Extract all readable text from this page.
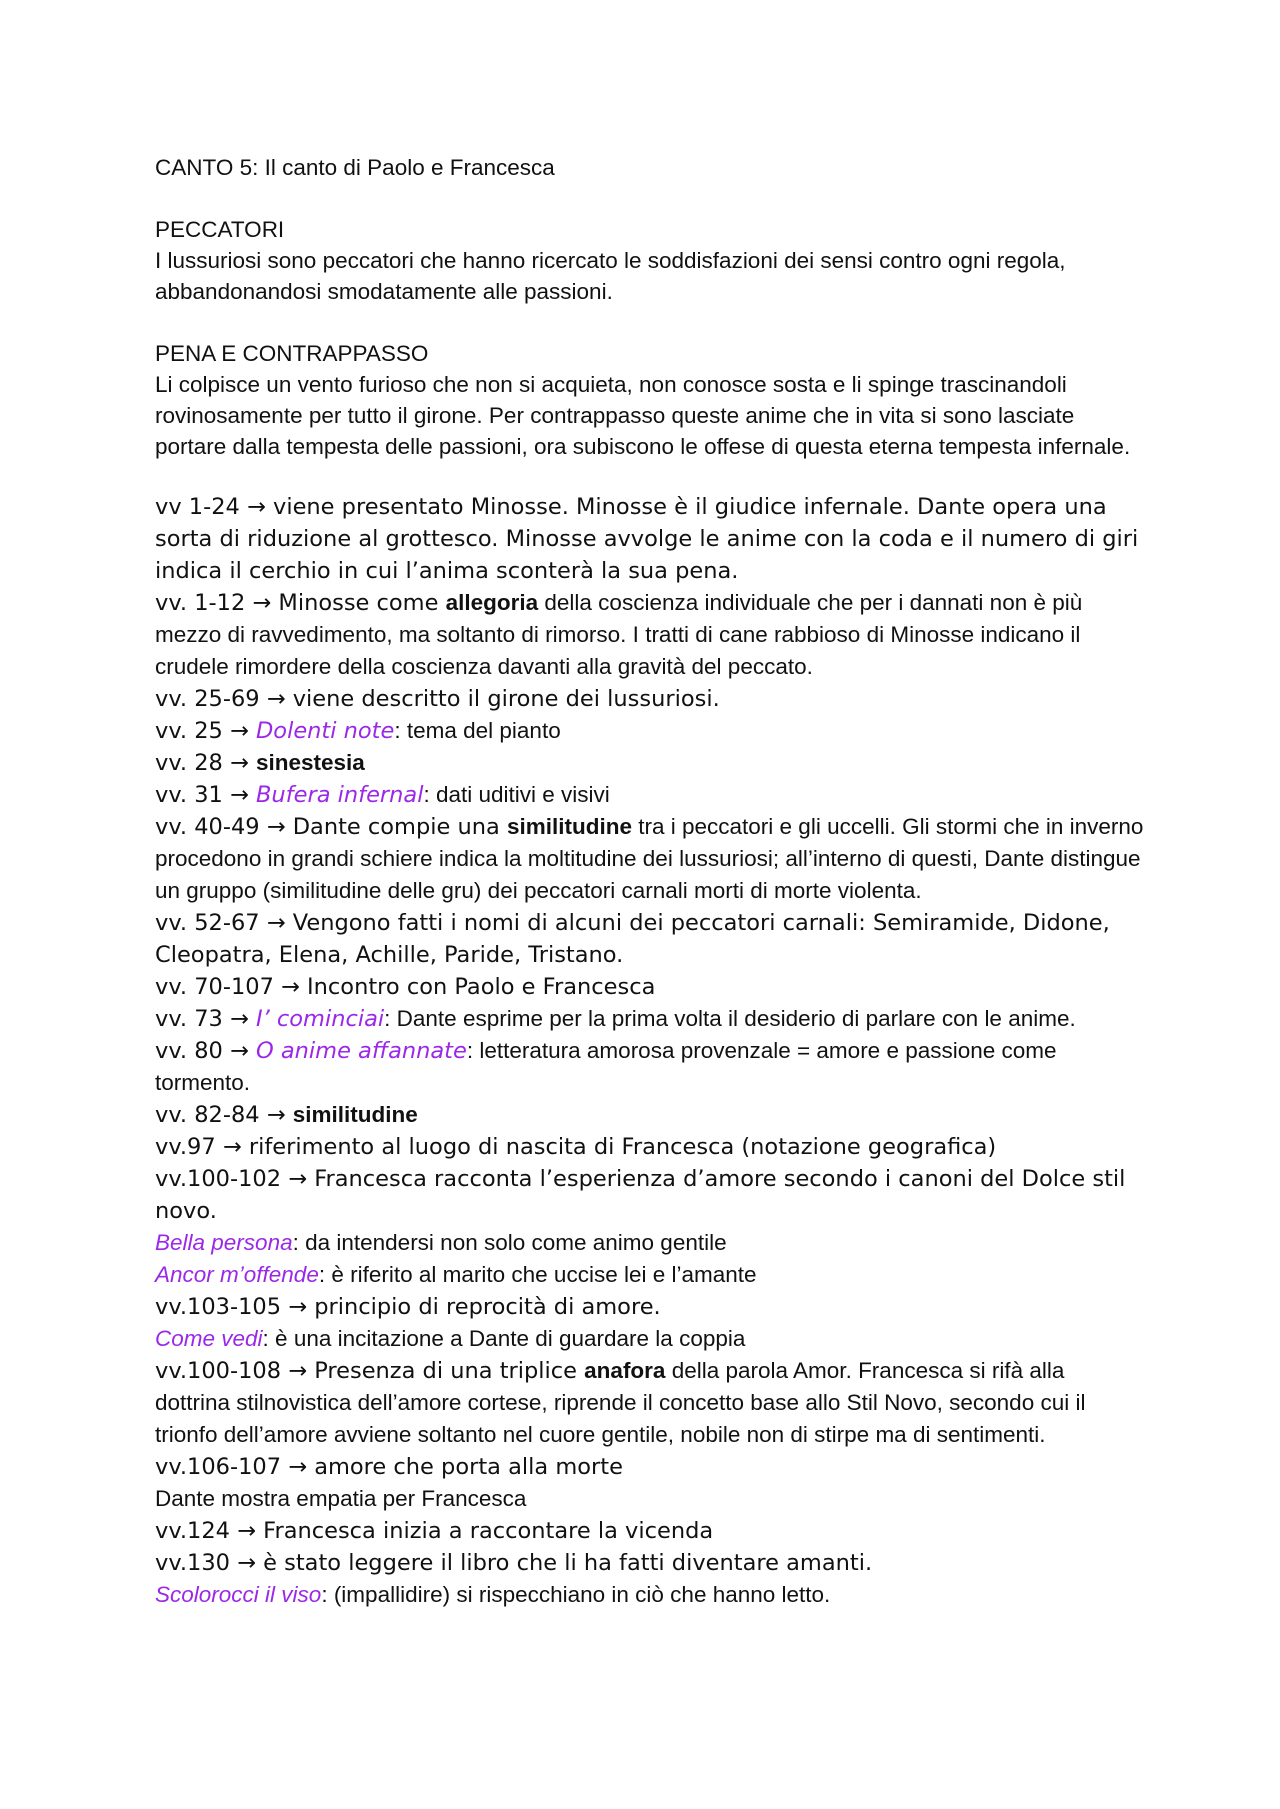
CANTO 5: Il canto di Paolo e Francesca

PECCATORI

I lussuriosi sono peccatori che hanno ricercato le soddisfazioni dei sensi contro ogni regola, abbandonandosi smodatamente alle passioni.

PENA E CONTRAPPASSO

Li colpisce un vento furioso che non si acquieta, non conosce sosta e li spinge trascinandoli rovinosamente per tutto il girone. Per contrappasso queste anime che in vita si sono lasciate portare dalla tempesta delle passioni, ora subiscono le offese di questa eterna tempesta infernale.

vv 1-24 → viene presentato Minosse. Minosse è il giudice infernale. Dante opera una sorta di riduzione al grottesco. Minosse avvolge le anime con la coda e il numero di giri indica il cerchio in cui l’anima sconterà la sua pena.

vv. 1-12 → Minosse come allegoria della coscienza individuale che per i dannati non è più mezzo di ravvedimento, ma soltanto di rimorso. I tratti di cane rabbioso di Minosse indicano il crudele rimordere della coscienza davanti alla gravità del peccato.

vv. 25-69 → viene descritto il girone dei lussuriosi.

vv. 25 → Dolenti note: tema del pianto

vv. 28 → sinestesia

vv. 31 → Bufera infernal: dati uditivi e visivi

vv. 40-49 → Dante compie una similitudine tra i peccatori e gli uccelli. Gli stormi che in inverno procedono in grandi schiere indica la moltitudine dei lussuriosi; all’interno di questi, Dante distingue un gruppo (similitudine delle gru) dei peccatori carnali morti di morte violenta.

vv. 52-67 → Vengono fatti i nomi di alcuni dei peccatori carnali: Semiramide, Didone, Cleopatra, Elena, Achille, Paride, Tristano.

vv. 70-107 → Incontro con Paolo e Francesca

vv. 73 → I’ cominciai: Dante esprime per la prima volta il desiderio di parlare con le anime.

vv. 80 → O anime affannate: letteratura amorosa provenzale = amore e passione come tormento.

vv. 82-84 → similitudine

vv.97 → riferimento al luogo di nascita di Francesca (notazione geografica)

vv.100-102 → Francesca racconta l’esperienza d’amore secondo i canoni del Dolce stil novo.

Bella persona: da intendersi non solo come animo gentile

Ancor m’offende: è riferito al marito che uccise lei e l’amante

vv.103-105 → principio di reprocità di amore.

Come vedi: è una incitazione a Dante di guardare la coppia

vv.100-108 → Presenza di una triplice anafora della parola Amor. Francesca si rifà alla dottrina stilnovistica dell’amore cortese, riprende il concetto base allo Stil Novo, secondo cui il trionfo dell’amore avviene soltanto nel cuore gentile, nobile non di stirpe ma di sentimenti.

vv.106-107 → amore che porta alla morte

Dante mostra empatia per Francesca

vv.124 → Francesca inizia a raccontare la vicenda

vv.130 → è stato leggere il libro che li ha fatti diventare amanti.

Scolorocci il viso: (impallidire) si rispecchiano in ciò che hanno letto.
